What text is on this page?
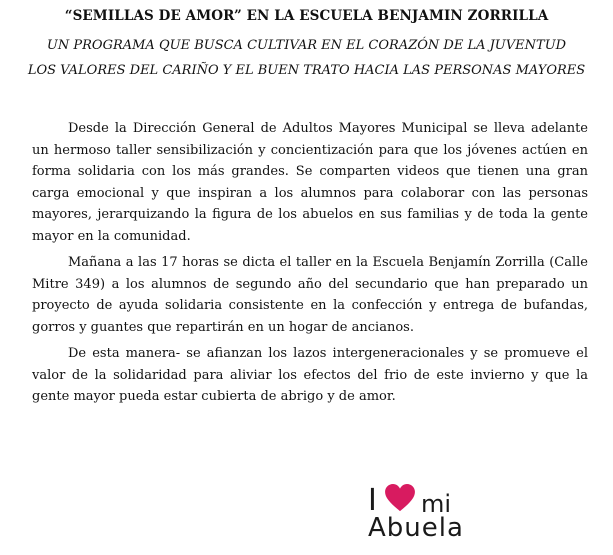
“SEMILLAS DE AMOR” EN LA ESCUELA BENJAMIN ZORRILLA
UN PROGRAMA QUE BUSCA CULTIVAR EN EL CORAZÓN DE LA JUVENTUD
LOS VALORES DEL CARIÑO Y EL BUEN TRATO HACIA LAS PERSONAS MAYORES

Desde la Dirección General de Adultos Mayores Municipal se lleva adelante un hermoso taller sensibilización y concientización para que los jóvenes actúen en forma solidaria con los más grandes. Se comparten videos que tienen una gran carga emocional y que inspiran a los alumnos para colaborar con las personas mayores, jerarquizando la figura de los abuelos en sus familias y de toda la gente mayor en la comunidad.

Mañana a las 17 horas se dicta el taller en la Escuela Benjamín Zorrilla (Calle Mitre 349) a los alumnos de segundo año del secundario que han preparado un proyecto de ayuda solidaria consistente en la confección y entrega de bufandas, gorros y guantes que repartirán en un hogar de ancianos.

De esta manera- se afianzan los lazos intergeneracionales y se promueve el valor de la solidaridad para aliviar los efectos del frio de este invierno y que la gente mayor pueda estar cubierta de abrigo y de amor.

I mi
Abuela
